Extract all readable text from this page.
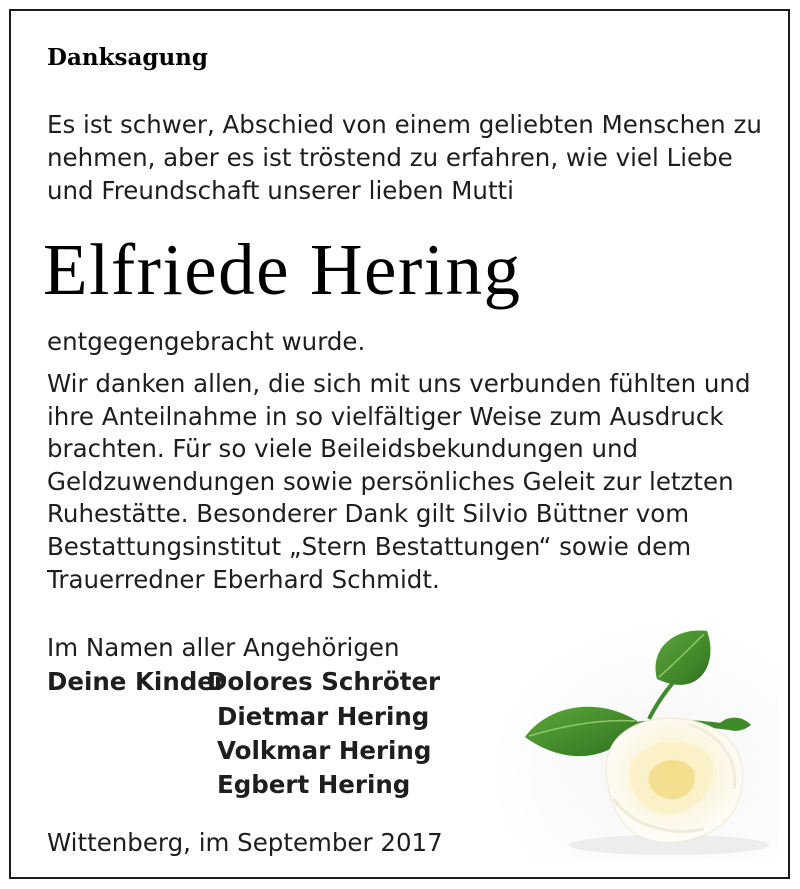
Danksagung

Es ist schwer, Abschied von einem geliebten Menschen zu nehmen, aber es ist tröstend zu erfahren, wie viel Liebe und Freundschaft unserer lieben Mutti

Elfriede Hering
entgegengebracht wurde.

Wir danken allen, die sich mit uns verbunden fühlten und ihre Anteilnahme in so vielfältiger Weise zum Ausdruck brachten. Für so viele Beileidsbekundungen und Geldzuwendungen sowie persönliches Geleit zur letzten Ruhestätte. Besonderer Dank gilt Silvio Büttner vom Bestattungsinstitut „Stern Bestattungen“ sowie dem Trauerredner Eberhard Schmidt.

Im Namen aller Angehörigen
Deine Kinder
Dolores Schröter
Dietmar Hering
Volkmar Hering
Egbert Hering
Wittenberg, im September 2017
